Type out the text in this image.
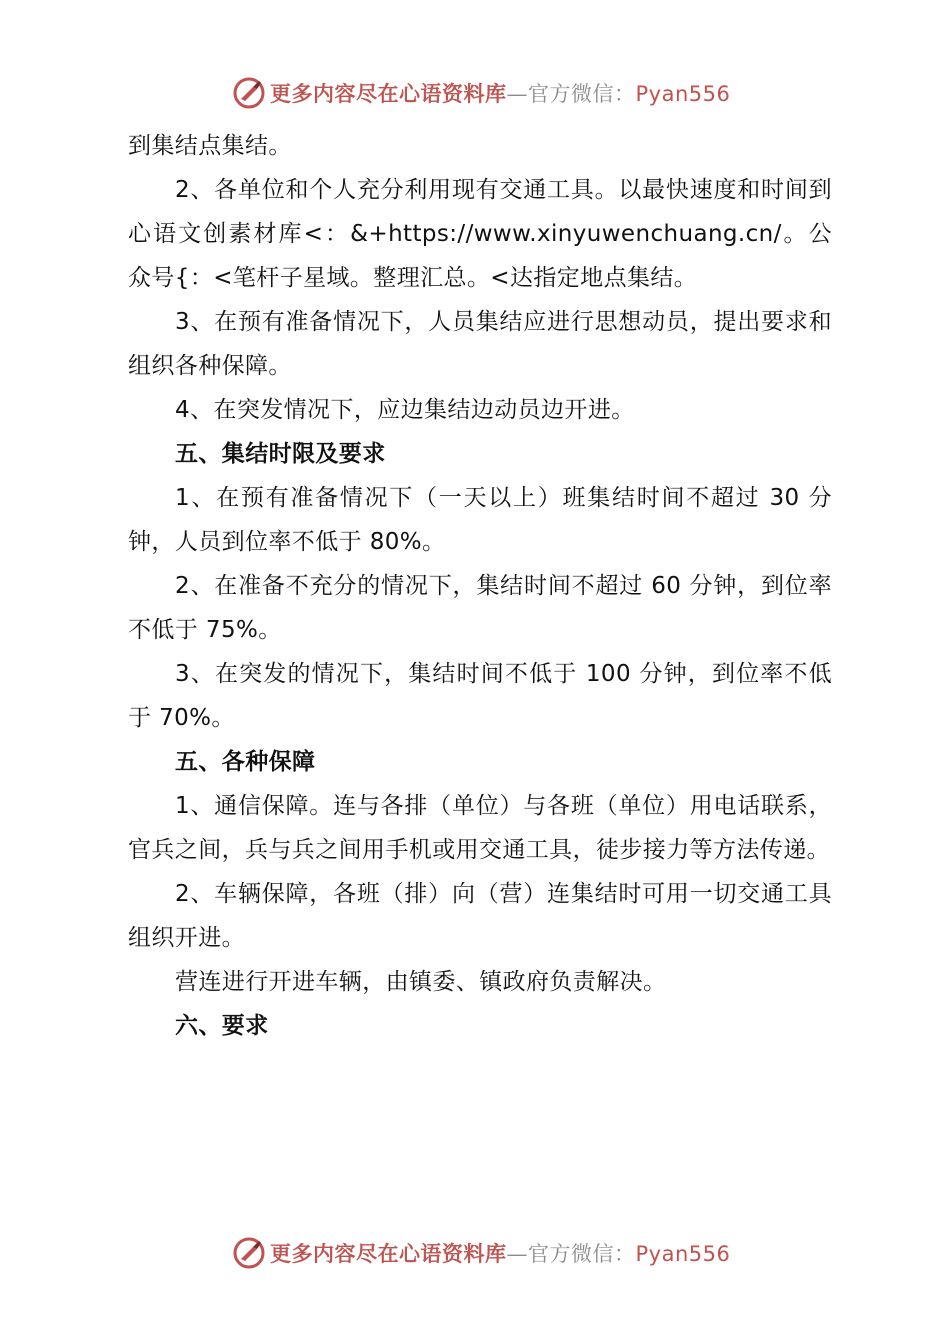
更多内容尽在心语资料库—官方微信：Pyan556

到集结点集结。

2、各单位和个人充分利用现有交通工具。以最快速度和时间到心语文创素材库<：&+https://www.xinyuwenchuang.cn/。公众号{：<笔杆子星域。整理汇总。<达指定地点集结。

3、在预有准备情况下，人员集结应进行思想动员，提出要求和组织各种保障。

4、在突发情况下，应边集结边动员边开进。

五、集结时限及要求

1、在预有准备情况下（一天以上）班集结时间不超过 30 分钟，人员到位率不低于 80%。

2、在准备不充分的情况下，集结时间不超过 60 分钟，到位率不低于 75%。

3、在突发的情况下，集结时间不低于 100 分钟，到位率不低于 70%。

五、各种保障

1、通信保障。连与各排（单位）与各班（单位）用电话联系，官兵之间，兵与兵之间用手机或用交通工具，徒步接力等方法传递。

2、车辆保障，各班（排）向（营）连集结时可用一切交通工具组织开进。

营连进行开进车辆，由镇委、镇政府负责解决。

六、要求

更多内容尽在心语资料库—官方微信：Pyan556
